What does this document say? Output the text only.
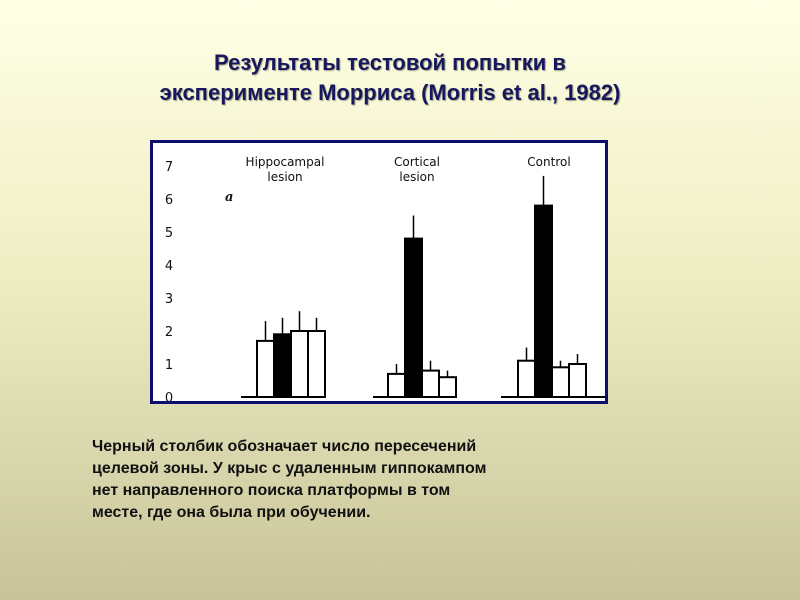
Результаты тестовой попытки в
эксперименте Морриса (Morris et al., 1982)
0
1
2
3
4
5
6
7
a
Hippocampal
lesion
Cortical
lesion
Control
Черный столбик обозначает число пересечений
целевой зоны. У крыс с удаленным гиппокампом
нет направленного поиска платформы в том
месте, где она была при обучении.
